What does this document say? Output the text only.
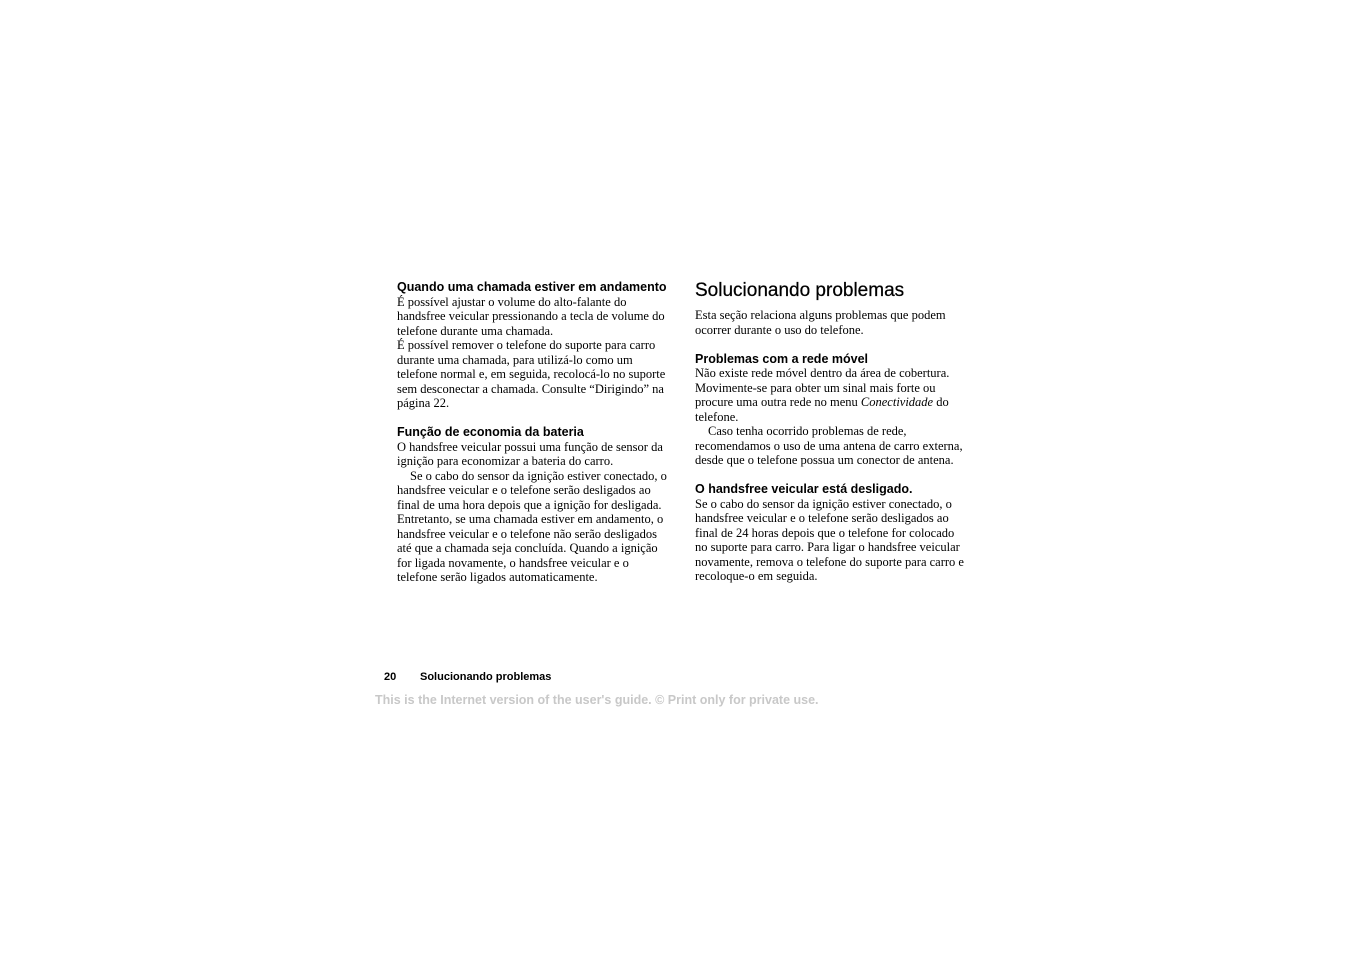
Quando uma chamada estiver em andamento
É possível ajustar o volume do alto-falante do handsfree veicular pressionando a tecla de volume do telefone durante uma chamada.
É possível remover o telefone do suporte para carro durante uma chamada, para utilizá-lo como um telefone normal e, em seguida, recolocá-lo no suporte sem desconectar a chamada. Consulte “Dirigindo” na página 22.
Função de economia da bateria
O handsfree veicular possui uma função de sensor da ignição para economizar a bateria do carro.
Se o cabo do sensor da ignição estiver conectado, o handsfree veicular e o telefone serão desligados ao final de uma hora depois que a ignição for desligada. Entretanto, se uma chamada estiver em andamento, o handsfree veicular e o telefone não serão desligados até que a chamada seja concluída. Quando a ignição for ligada novamente, o handsfree veicular e o telefone serão ligados automaticamente.
Solucionando problemas
Esta seção relaciona alguns problemas que podem ocorrer durante o uso do telefone.
Problemas com a rede móvel
Não existe rede móvel dentro da área de cobertura. Movimente-se para obter um sinal mais forte ou procure uma outra rede no menu Conectividade do telefone.
Caso tenha ocorrido problemas de rede, recomendamos o uso de uma antena de carro externa, desde que o telefone possua um conector de antena.
O handsfree veicular está desligado.
Se o cabo do sensor da ignição estiver conectado, o handsfree veicular e o telefone serão desligados ao final de 24 horas depois que o telefone for colocado no suporte para carro. Para ligar o handsfree veicular novamente, remova o telefone do suporte para carro e recoloque-o em seguida.
20 Solucionando problemas
This is the Internet version of the user's guide. © Print only for private use.
